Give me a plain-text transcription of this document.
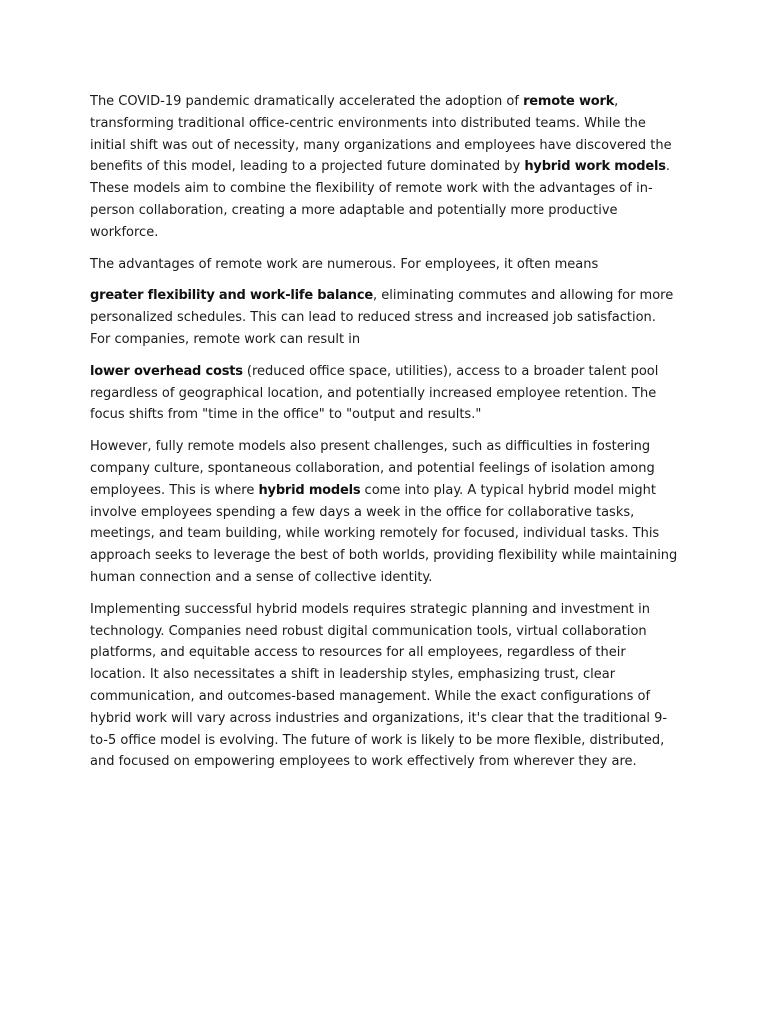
The COVID-19 pandemic dramatically accelerated the adoption of remote work, transforming traditional office-centric environments into distributed teams. While the initial shift was out of necessity, many organizations and employees have discovered the benefits of this model, leading to a projected future dominated by hybrid work models. These models aim to combine the flexibility of remote work with the advantages of in-person collaboration, creating a more adaptable and potentially more productive workforce.

The advantages of remote work are numerous. For employees, it often means

greater flexibility and work-life balance, eliminating commutes and allowing for more personalized schedules. This can lead to reduced stress and increased job satisfaction. For companies, remote work can result in

lower overhead costs (reduced office space, utilities), access to a broader talent pool regardless of geographical location, and potentially increased employee retention. The focus shifts from "time in the office" to "output and results."

However, fully remote models also present challenges, such as difficulties in fostering company culture, spontaneous collaboration, and potential feelings of isolation among employees. This is where hybrid models come into play. A typical hybrid model might involve employees spending a few days a week in the office for collaborative tasks, meetings, and team building, while working remotely for focused, individual tasks. This approach seeks to leverage the best of both worlds, providing flexibility while maintaining human connection and a sense of collective identity.

Implementing successful hybrid models requires strategic planning and investment in technology. Companies need robust digital communication tools, virtual collaboration platforms, and equitable access to resources for all employees, regardless of their location. It also necessitates a shift in leadership styles, emphasizing trust, clear communication, and outcomes-based management. While the exact configurations of hybrid work will vary across industries and organizations, it's clear that the traditional 9-to-5 office model is evolving. The future of work is likely to be more flexible, distributed, and focused on empowering employees to work effectively from wherever they are.
